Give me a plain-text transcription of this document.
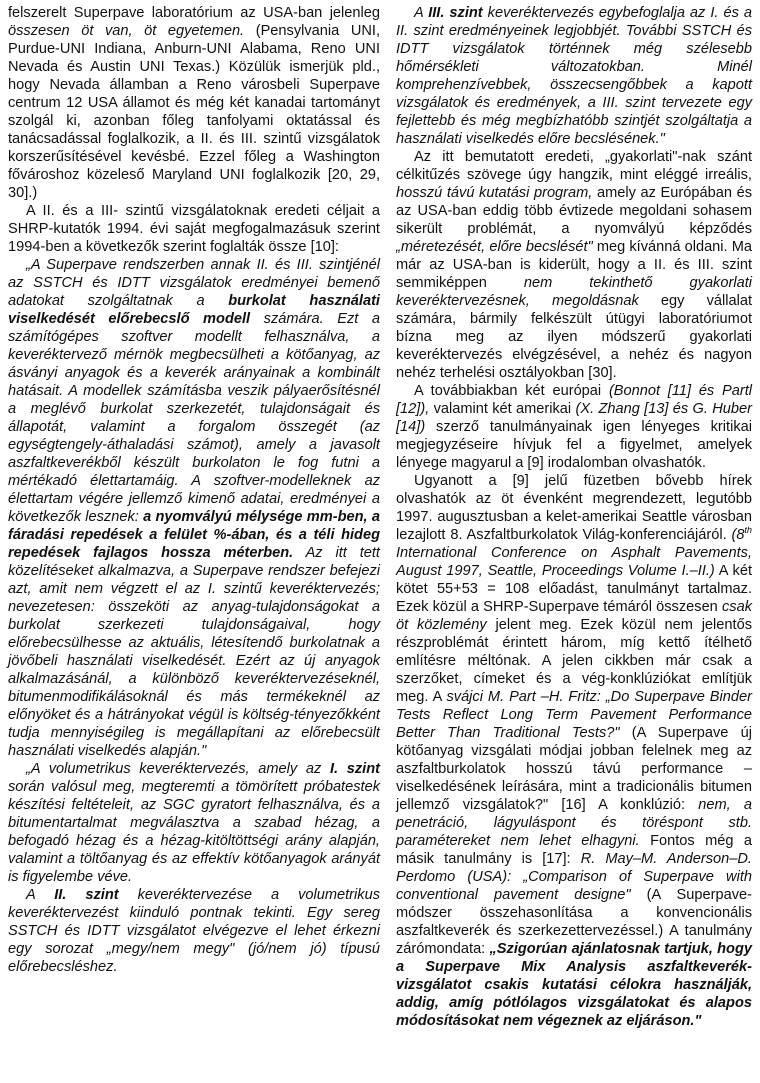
felszerelt Superpave laboratórium az USA-ban jelenleg összesen öt van, öt egyetemen. (Pensylvania UNI, Purdue-UNI Indiana, Anburn-UNI Alabama, Reno UNI Nevada és Austin UNI Texas.) Közülük ismerjük pld., hogy Nevada államban a Reno városbeli Superpave centrum 12 USA államot és még két kanadai tartományt szolgál ki, azonban főleg tanfolyami oktatással és tanácsadással foglalkozik, a II. és III. szintű vizsgálatok korszerűsítésével kevésbé. Ezzel főleg a Washington fővároshoz közeleső Maryland UNI foglalkozik [20, 29, 30].)

A II. és a III- szintű vizsgálatoknak eredeti céljait a SHRP-kutatók 1994. évi saját megfogalmazásuk szerint 1994-ben a következők szerint foglalták össze [10]:

„A Superpave rendszerben annak II. és III. szintjénél az SSTCH és IDTT vizsgálatok eredményei bemenő adatokat szolgáltatnak a burkolat használati viselkedését előrebecslő modell számára. Ezt a számítógépes szoftver modellt felhasználva, a keveréktervező mérnök megbecsülheti a kötőanyag, az ásványi anyagok és a keverék arányainak a kombinált hatásait. A modellek számításba veszik pályaerősítésnél a meglévő burkolat szerkezetét, tulajdonságait és állapotát, valamint a forgalom összegét (az egységtengely-áthaladási számot), amely a javasolt aszfaltkeverékből készült burkolaton le fog futni a mértékadó élettartamáig. A szoftver-modelleknek az élettartam végére jellemző kimenő adatai, eredményei a következők lesznek: a nyomvályú mélysége mm-ben, a fáradási repedések a felület %-ában, és a téli hideg repedések fajlagos hossza méterben. Az itt tett közelítéseket alkalmazva, a Superpave rendszer befejezi azt, amit nem végzett el az I. szintű keveréktervezés; nevezetesen: összeköti az anyag-tulajdonságokat a burkolat szerkezeti tulajdonságaival, hogy előrebecsülhesse az aktuális, létesítendő burkolatnak a jövőbeli használati viselkedését. Ezért az új anyagok alkalmazásánál, a különböző keveréktervezéseknél, bitumenmodifikálásoknál és más termékeknél az előnyöket és a hátrányokat végül is költség-tényezőkként tudja mennyiségileg is megállapítani az előrebecsült használati viselkedés alapján."

„A volumetrikus keveréktervezés, amely az I. szint során valósul meg, megteremti a tömörített próbatestek készítési feltételeit, az SGC gyratort felhasználva, és a bitumentartalmat megválasztva a szabad hézag, a befogadó hézag és a hézag-kitöltöttségi arány alapján, valamint a töltőanyag és az effektív kötőanyagok arányát is figyelembe véve.

A II. szint keveréktervezése a volumetrikus keveréktervezést kiinduló pontnak tekinti. Egy sereg SSTCH és IDTT vizsgálatot elvégezve el lehet érkezni egy sorozat „megy/nem megy" (jó/nem jó) típusú előrebecsléshez.

A III. szint keveréktervezés egybefoglalja az I. és a II. szint eredményeinek legjobbjét. További SSTCH és IDTT vizsgálatok történnek még szélesebb hőmérsékleti változatokban. Minél komprehenzívebbek, összecsengőbbek a kapott vizsgálatok és eredmények, a III. szint tervezete egy fejlettebb és még megbízhatóbb szintjét szolgáltatja a használati viselkedés előre becslésének."

Az itt bemutatott eredeti, „gyakorlati"-nak szánt célkitűzés szövege úgy hangzik, mint eléggé irreális, hosszú távú kutatási program, amely az Európában és az USA-ban eddig több évtizede megoldani sohasem sikerült problémát, a nyomvályú képződés „méretezését, előre becslését" meg kívánná oldani. Ma már az USA-ban is kiderült, hogy a II. és III. szint semmiképpen	nem tekinthető gyakorlati keveréktervezésnek, megoldásnak egy vállalat számára, bármily felkészült útügyi laboratóriumot bízna meg az ilyen módszerű gyakorlati keveréktervezés elvégzésével, a nehéz és nagyon nehéz terhelési osztályokban [30].

A továbbiakban két európai (Bonnot [11] és Partl [12]), valamint két amerikai (X. Zhang [13] és G. Huber [14]) szerző tanulmányainak igen lényeges kritikai megjegyzéseire hívjuk fel a figyelmet, amelyek lényege magyarul a [9] irodalomban olvashatók.

Ugyanott a [9] jelű füzetben bővebb hírek olvashatók az öt évenként megrendezett, legutóbb 1997. augusztusban a kelet-amerikai Seattle városban lezajlott 8. Aszfaltburkolatok Világ-konferenciájáról. (8th International Conference on Asphalt Pavements, August 1997, Seattle, Proceedings Volume I.–II.) A két kötet 55+53 = 108 előadást, tanulmányt tartalmaz. Ezek közül a SHRP-Superpave témáról összesen csak öt közlemény jelent meg. Ezek közül nem jelentős részproblémát érintett három, míg kettő ítélhető említésre méltónak. A jelen cikkben már csak a szerzőket, címeket és a vég-konklúziókat említjük meg. A svájci M. Part –H. Fritz: „Do Superpave Binder Tests Reflect Long Term Pavement Performance Better Than Traditional Tests?" (A Superpave új kötőanyag vizsgálati módjai jobban felelnek meg az aszfaltburkolatok hosszú távú performance – viselkedésének leírására, mint a tradicionális bitumen jellemző vizsgálatok?" [16] A konklúzió: nem, a penetráció, lágyuláspont és töréspont stb. paramétereket nem lehet elhagyni. Fontos még a másik tanulmány is [17]: R. May–M. Anderson–D. Perdomo (USA): „Comparison of Superpave with conventional pavement designe" (A Superpave-módszer összehasonlítása a konvencionális aszfaltkeverék és szerkezettervezéssel.) A tanulmány zárómondata: „Szigorúan ajánlatosnak tartjuk, hogy a Superpave Mix Analysis aszfaltkeverék-vizsgálatot csakis kutatási célokra használják, addig, amíg pótlólagos vizsgálatokat és alapos módosításokat nem végeznek az eljáráson."
